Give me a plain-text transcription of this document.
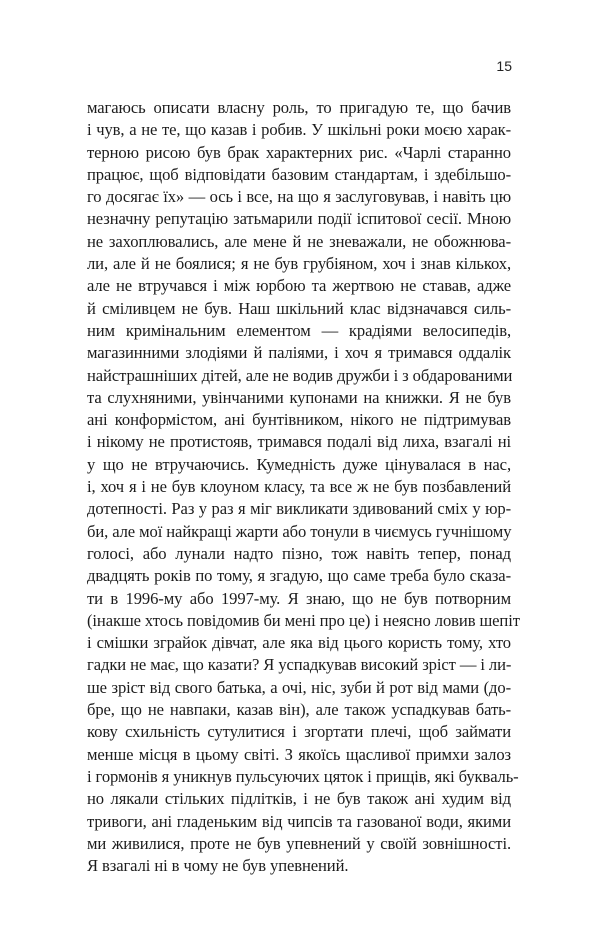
15
магаюсь описати власну роль, то пригадую те, що бачив
і чув, а не те, що казав і робив. У шкільні роки моєю харак-
терною рисою був брак характерних рис. «Чарлі старанно
працює, щоб відповідати базовим стандартам, і здебільшо-
го досягає їх» — ось і все, на що я заслуговував, і навіть цю
незначну репутацію затьмарили події іспитової сесії. Мною
не захоплювались, але мене й не зневажали, не обожнюва-
ли, але й не боялися; я не був грубіяном, хоч і знав кількох,
але не втручався і між юрбою та жертвою не ставав, адже
й сміливцем не був. Наш шкільний клас відзначався силь-
ним кримінальним елементом — крадіями велосипедів,
магазинними злодіями й паліями, і хоч я тримався оддалік
найстрашніших дітей, але не водив дружби і з обдарованими
та слухняними, увінчаними купонами на книжки. Я не був
ані конформістом, ані бунтівником, нікого не підтримував
і нікому не протистояв, тримався подалі від лиха, взагалі ні
у що не втручаючись. Кумедність дуже цінувалася в нас,
і, хоч я і не був клоуном класу, та все ж не був позбавлений
дотепності. Раз у раз я міг викликати здивований сміх у юр-
би, але мої найкращі жарти або тонули в чиємусь гучнішому
голосі, або лунали надто пізно, тож навіть тепер, понад
двадцять років по тому, я згадую, що саме треба було сказа-
ти в 1996-му або 1997-му. Я знаю, що не був потворним
(інакше хтось повідомив би мені про це) і неясно ловив шепіт
і смішки зграйок дівчат, але яка від цього користь тому, хто
гадки не має, що казати? Я успадкував високий зріст — і ли-
ше зріст від свого батька, а очі, ніс, зуби й рот від мами (до-
бре, що не навпаки, казав він), але також успадкував бать-
кову схильність сутулитися і згортати плечі, щоб займати
менше місця в цьому світі. З якоїсь щасливої примхи залоз
і гормонів я уникнув пульсуючих цяток і прищів, які буквaль-
но лякали стільких підлітків, і не був також ані худим від
тривоги, ані гладеньким від чипсів та газованої води, якими
ми живилися, проте не був упевнений у своїй зовнішності.
Я взагалі ні в чому не був упевнений.
